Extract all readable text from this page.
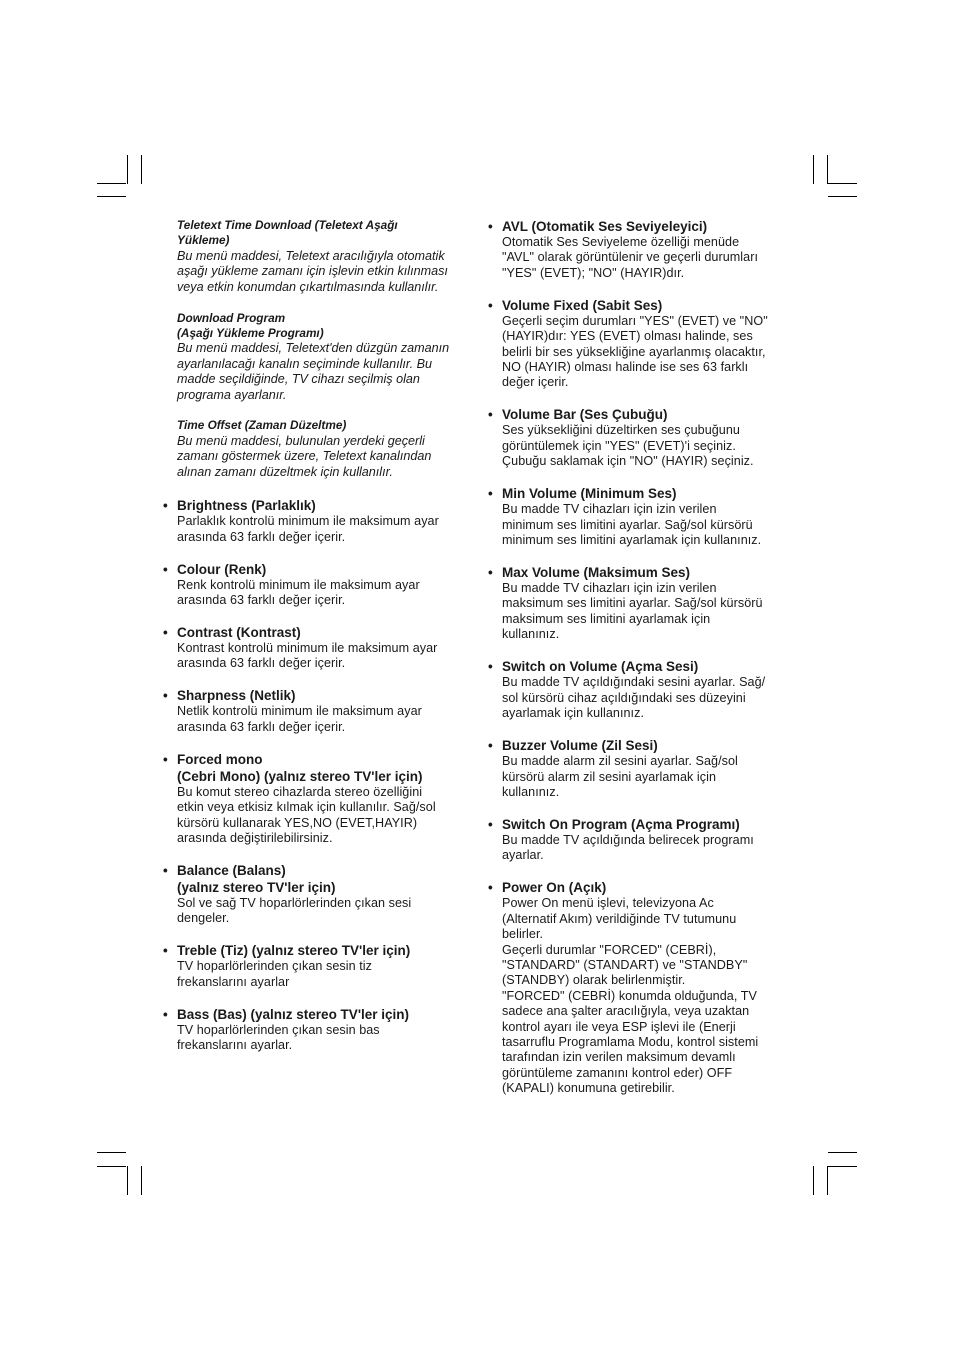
Teletext Time Download (Teletext Aşağı
Yükleme)
Bu menü maddesi, Teletext aracılığıyla otomatik aşağı yükleme zamanı için işlevin etkin kılınması veya etkin konumdan çıkartılmasında kullanılır.
Download Program
(Aşağı Yükleme Programı)
Bu menü maddesi, Teletext'den düzgün zamanın ayarlanılacağı kanalın seçiminde kullanılır. Bu madde seçildiğinde, TV cihazı seçilmiş olan programa ayarlanır.
Time Offset (Zaman Düzeltme)
Bu menü maddesi, bulunulan yerdeki geçerli zamanı göstermek üzere, Teletext kanalından alınan zamanı düzeltmek için kullanılır.
• Brightness (Parlaklık)
Parlaklık kontrolü minimum ile maksimum ayar
arasında 63 farklı değer içerir.
• Colour (Renk)
Renk kontrolü minimum ile maksimum ayar
arasında 63 farklı değer içerir.
• Contrast (Kontrast)
Kontrast kontrolü minimum ile maksimum ayar
arasında 63 farklı değer içerir.
• Sharpness (Netlik)
Netlik kontrolü minimum ile maksimum ayar
arasında 63 farklı değer içerir.
• Forced mono
(Cebri Mono) (yalnız stereo TV'ler için)
Bu komut stereo cihazlarda stereo özelliğini
etkin veya etkisiz kılmak için kullanılır. Sağ/sol
kürsörü kullanarak YES,NO (EVET,HAYIR)
arasında değiştirilebilirsiniz.
• Balance (Balans)
(yalnız stereo TV'ler için)
Sol ve sağ TV hoparlörlerinden çıkan sesi
dengeler.
• Treble (Tiz) (yalnız stereo TV'ler için)
TV hoparlörlerinden çıkan sesin tiz
frekanslarını ayarlar
• Bass (Bas) (yalnız stereo TV'ler için)
TV hoparlörlerinden çıkan sesin bas
frekanslarını ayarlar.
• AVL (Otomatik Ses Seviyeleyici)
Otomatik Ses Seviyeleme özelliği menüde
"AVL" olarak görüntülenir ve geçerli durumları
"YES" (EVET); "NO" (HAYIR)dır.
• Volume Fixed (Sabit Ses)
Geçerli seçim durumları "YES" (EVET) ve "NO"
(HAYIR)dır: YES (EVET) olması halinde, ses
belirli bir ses yüksekliğine ayarlanmış olacaktır,
NO (HAYIR) olması halinde ise ses 63 farklı
değer içerir.
• Volume Bar (Ses Çubuğu)
Ses yüksekliğini düzeltirken ses çubuğunu
görüntülemek için "YES" (EVET)'i seçiniz.
Çubuğu saklamak için "NO" (HAYIR) seçiniz.
• Min Volume (Minimum Ses)
Bu madde TV cihazları için izin verilen
minimum ses limitini ayarlar. Sağ/sol kürsörü
minimum ses limitini ayarlamak için kullanınız.
• Max Volume (Maksimum Ses)
Bu madde TV cihazları için izin verilen
maksimum ses limitini ayarlar. Sağ/sol kürsörü
maksimum ses limitini ayarlamak için
kullanınız.
• Switch on Volume (Açma Sesi)
Bu madde TV açıldığındaki sesini ayarlar. Sağ/
sol kürsörü cihaz açıldığındaki ses düzeyini
ayarlamak için kullanınız.
• Buzzer Volume (Zil Sesi)
Bu madde alarm zil sesini ayarlar. Sağ/sol
kürsörü alarm zil sesini ayarlamak için
kullanınız.
• Switch On Program (Açma Programı)
Bu madde TV açıldığında belirecek programı
ayarlar.
• Power On (Açık)
Power On menü işlevi, televizyona Ac
(Alternatif Akım) verildiğinde TV tutumunu
belirler.
Geçerli durumlar "FORCED" (CEBRİ),
"STANDARD" (STANDART) ve "STANDBY"
(STANDBY) olarak belirlenmiştir.
"FORCED" (CEBRİ) konumda olduğunda, TV
sadece ana şalter aracılığıyla, veya uzaktan
kontrol ayarı ile veya ESP işlevi ile (Enerji
tasarruflu Programlama Modu, kontrol sistemi
tarafından izin verilen maksimum devamlı
görüntüleme zamanını kontrol eder) OFF
(KAPALI) konumuna getirebilir.
